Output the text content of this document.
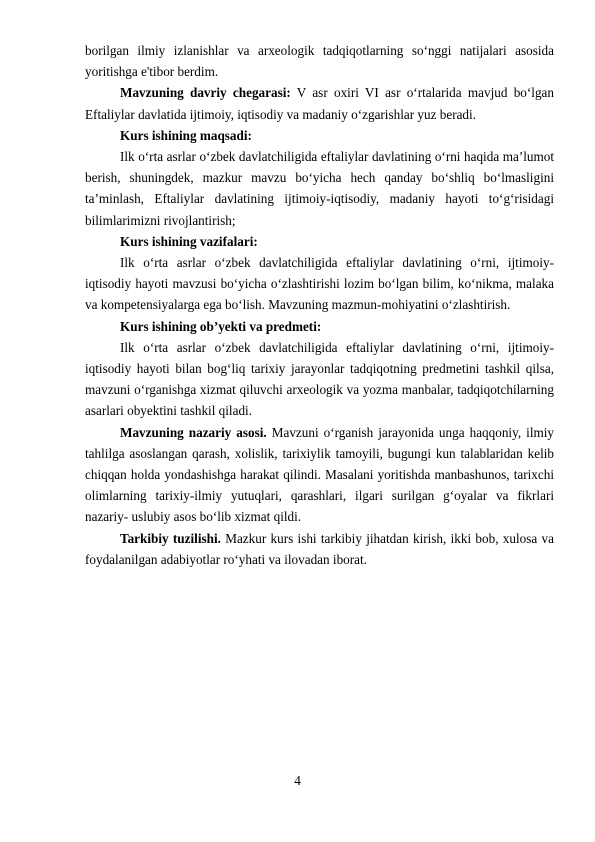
borilgan ilmiy izlanishlar va arxeologik tadqiqotlarning so‘nggi natijalari asosida yoritishga e'tibor berdim.

Mavzuning davriy chegarasi: V asr oxiri VI asr o‘rtalarida mavjud bo‘lgan Eftaliylar davlatida ijtimoiy, iqtisodiy va madaniy o‘zgarishlar yuz beradi.

Kurs ishining maqsadi:

Ilk o‘rta asrlar o‘zbek davlatchiligida eftaliylar davlatining o‘rni haqida ma’lumot berish, shuningdek, mazkur mavzu bo‘yicha hech qanday bo‘shliq bo‘lmasligini ta’minlash, Eftaliylar davlatining ijtimoiy-iqtisodiy, madaniy hayoti to‘g‘risidagi bilimlarimizni rivojlantirish;

Kurs ishining vazifalari:

Ilk o‘rta asrlar o‘zbek davlatchiligida eftaliylar davlatining o‘rni, ijtimoiy-iqtisodiy hayoti mavzusi bo‘yicha o‘zlashtirishi lozim bo‘lgan bilim, ko‘nikma, malaka va kompetensiyalarga ega bo‘lish. Mavzuning mazmun-mohiyatini o‘zlashtirish.

Kurs ishining ob’yekti va predmeti:

Ilk o‘rta asrlar o‘zbek davlatchiligida eftaliylar davlatining o‘rni, ijtimoiy-iqtisodiy hayoti bilan bog‘liq tarixiy jarayonlar tadqiqotning predmetini tashkil qilsa, mavzuni o‘rganishga xizmat qiluvchi arxeologik va yozma manbalar, tadqiqotchilarning asarlari obyektini tashkil qiladi.

Mavzuning nazariy asosi. Mavzuni o‘rganish jarayonida unga haqqoniy, ilmiy tahlilga asoslangan qarash, xolislik, tarixiylik tamoyili, bugungi kun talablaridan kelib chiqqan holda yondashishga harakat qilindi. Masalani yoritishda manbashunos, tarixchi olimlarning tarixiy-ilmiy yutuqlari, qarashlari, ilgari surilgan g‘oyalar va fikrlari nazariy- uslubiy asos bo‘lib xizmat qildi.

Tarkibiy tuzilishi. Mazkur kurs ishi tarkibiy jihatdan kirish, ikki bob, xulosa va foydalanilgan adabiyotlar ro‘yhati va ilovadan iborat.

4
